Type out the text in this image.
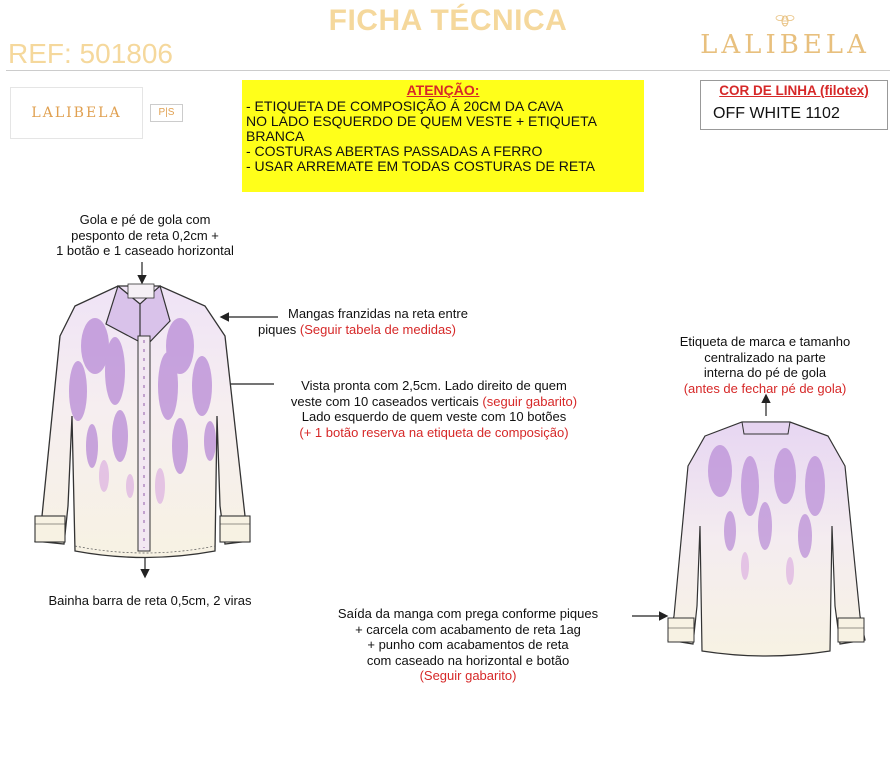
FICHA TÉCNICA
REF: 501806	LALIBELA
LALIBELA	P|S
ATENÇÃO:
- ETIQUETA DE COMPOSIÇÃO Á 20CM DA CAVA
NO LADO ESQUERDO DE QUEM VESTE + ETIQUETA
BRANCA
- COSTURAS ABERTAS PASSADAS A FERRO
- USAR ARREMATE EM TODAS COSTURAS DE RETA
COR DE LINHA (filotex)
OFF WHITE 1102
Gola e pé de gola com
pesponto de reta 0,2cm +
1 botão e 1 caseado horizontal
Mangas franzidas na reta entre
piques (Seguir tabela de medidas)
Vista pronta com 2,5cm. Lado direito de quem
veste com 10 caseados verticais (seguir gabarito)
Lado esquerdo de quem veste com 10 botões
(+ 1 botão reserva na etiqueta de composição)
Bainha barra de reta 0,5cm, 2 viras
Etiqueta de marca e tamanho
centralizado na parte
interna do pé de gola
(antes de fechar pé de gola)
Saída da manga com prega conforme piques
+ carcela com acabamento de reta 1ag
+ punho com acabamentos de reta
com caseado na horizontal e botão
(Seguir gabarito)
